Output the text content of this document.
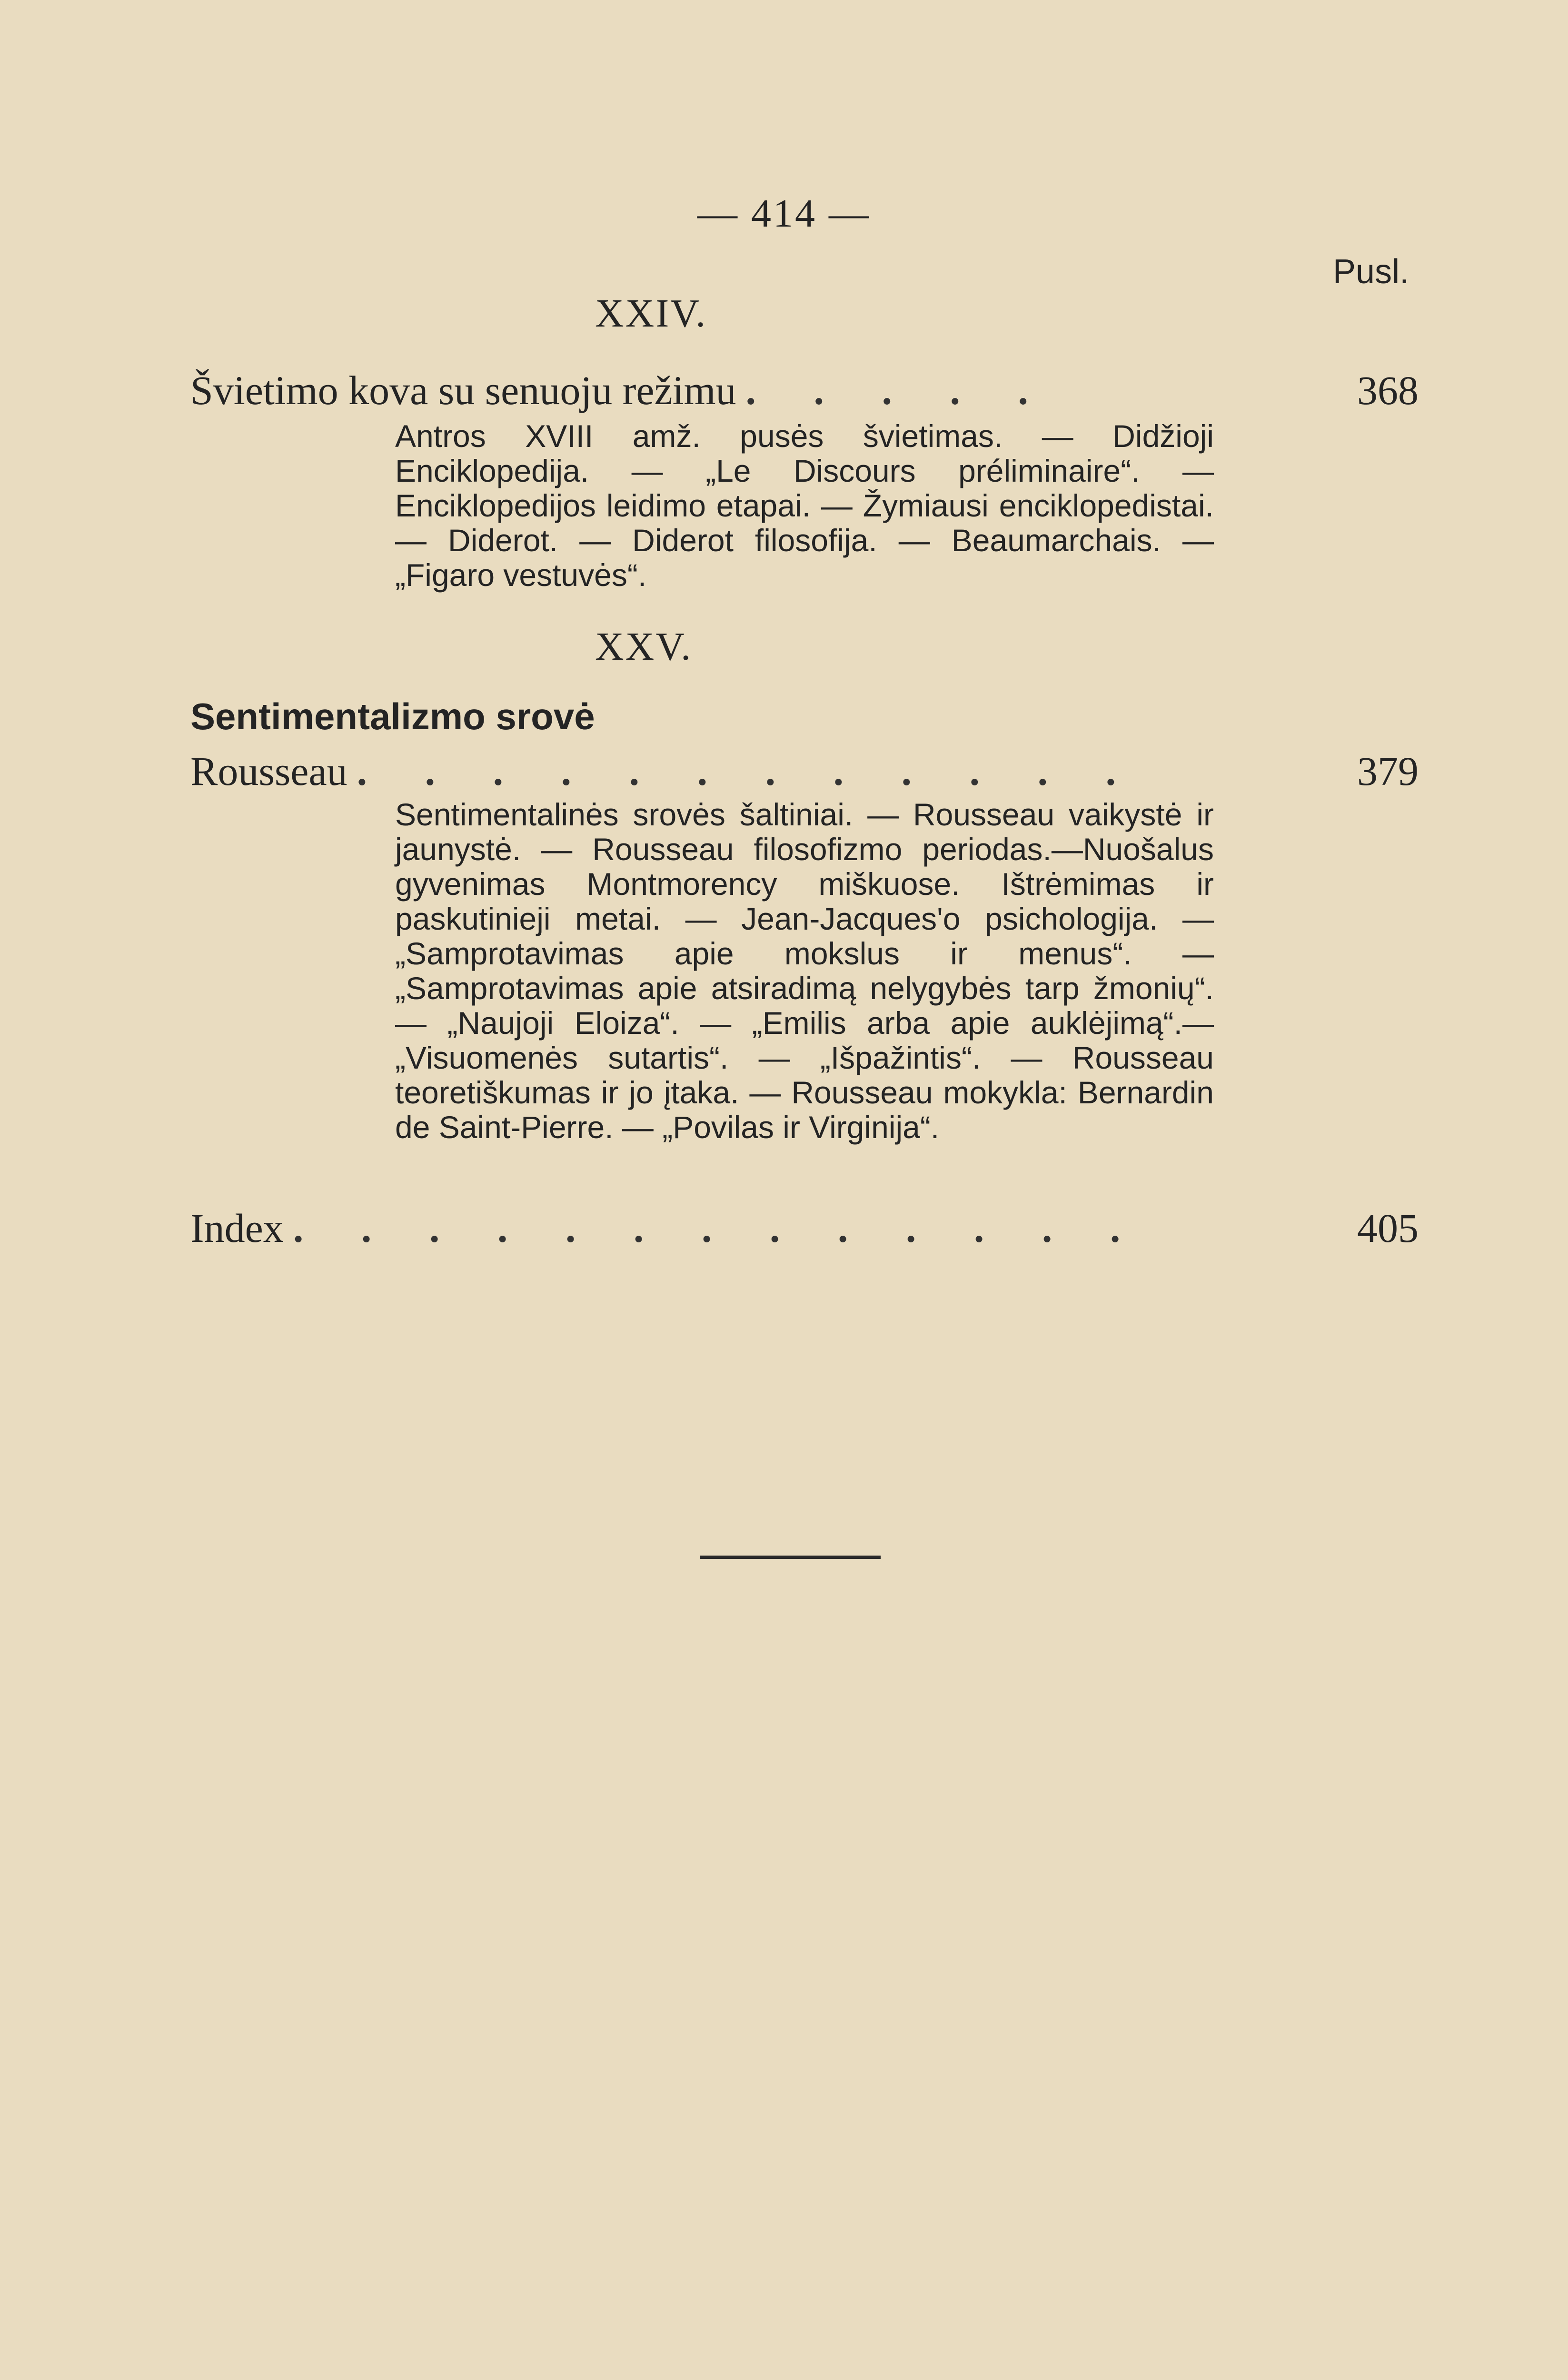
— 414 —
Pusl.
XXIV.
Švietimo kova su senuoju režimu . . . . .	368

Antros XVIII amž. pusės švietimas. — Didžioji Enciklopedija. — „Le Discours préliminaire“. — Enciklopedijos leidimo etapai. — Žymiausi enciklopedistai. — Diderot. — Diderot filosofija. — Beaumarchais. — „Figaro vestuvės“.

XXV.
Sentimentalizmo srovė
Rousseau . . . . . . . . . . . .	379

Sentimentalinės srovės šaltiniai. — Rousseau vaikystė ir jaunystė. — Rousseau filosofizmo periodas.—Nuošalus gyvenimas Montmorency miškuose. Ištrėmimas ir paskutinieji metai. — Jean-Jacques'o psichologija. — „Samprotavimas apie mokslus ir menus“. — „Samprotavimas apie atsiradimą nelygybės tarp žmonių“. — „Naujoji Eloiza“. — „Emilis arba apie auklėjimą“.—„Visuomenės sutartis“. — „Išpažintis“. — Rousseau teoretiškumas ir jo įtaka. — Rousseau mokykla: Bernardin de Saint-Pierre. — „Povilas ir Virginija“.

Index . . . . . . . . . . . . .	405
